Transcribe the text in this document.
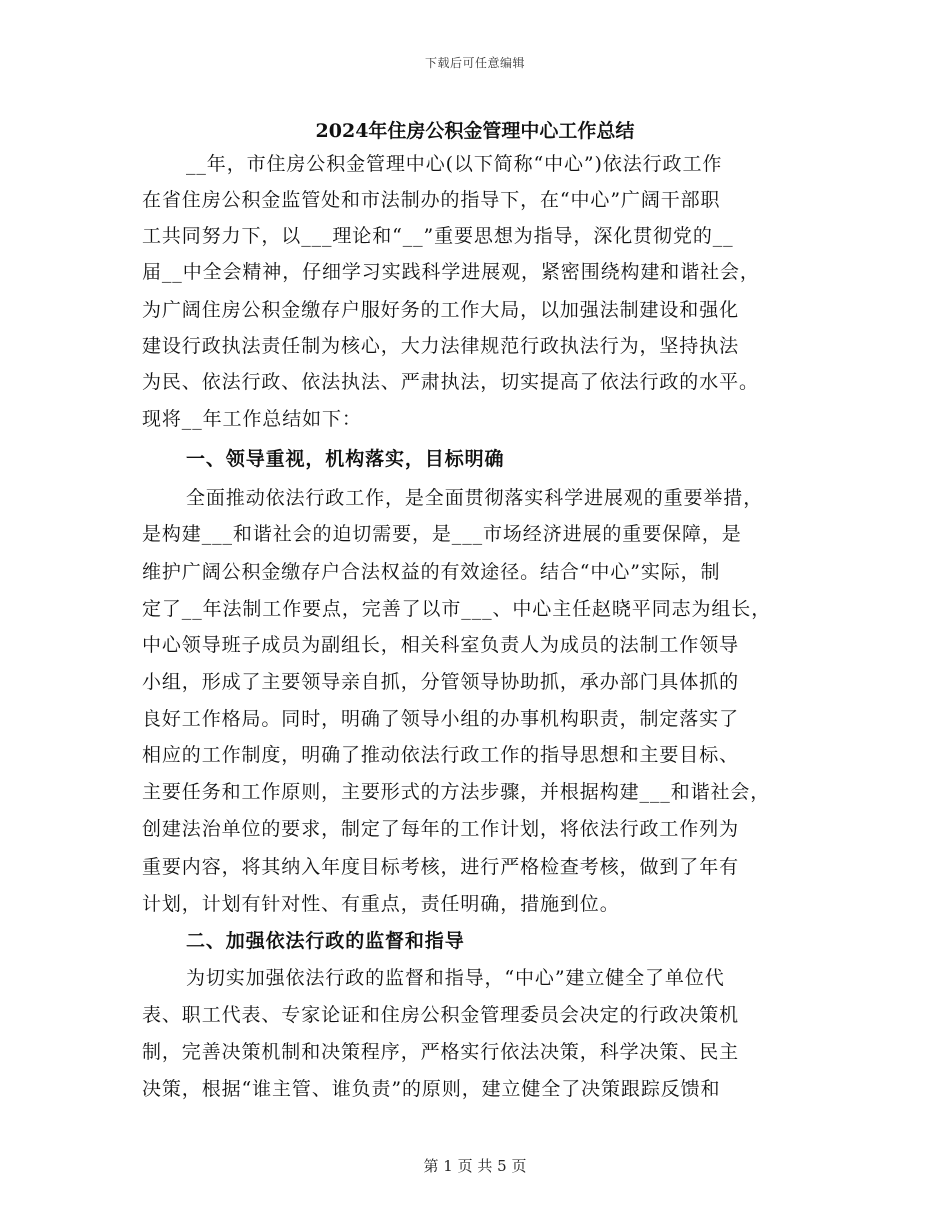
下载后可任意编辑
2024年住房公积金管理中心工作总结
__年，市住房公积金管理中心(以下简称“中心”)依法行政工作
在省住房公积金监管处和市法制办的指导下，在“中心”广阔干部职
工共同努力下，以___理论和“__”重要思想为指导，深化贯彻党的__
届__中全会精神，仔细学习实践科学进展观，紧密围绕构建和谐社会，
为广阔住房公积金缴存户服好务的工作大局，以加强法制建设和强化
建设行政执法责任制为核心，大力法律规范行政执法行为，坚持执法
为民、依法行政、依法执法、严肃执法，切实提高了依法行政的水平。
现将__年工作总结如下：
一、领导重视，机构落实，目标明确
全面推动依法行政工作，是全面贯彻落实科学进展观的重要举措，
是构建___和谐社会的迫切需要，是___市场经济进展的重要保障，是
维护广阔公积金缴存户合法权益的有效途径。结合“中心”实际，制
定了__年法制工作要点，完善了以市___、中心主任赵晓平同志为组长，
中心领导班子成员为副组长，相关科室负责人为成员的法制工作领导
小组，形成了主要领导亲自抓，分管领导协助抓，承办部门具体抓的
良好工作格局。同时，明确了领导小组的办事机构职责，制定落实了
相应的工作制度，明确了推动依法行政工作的指导思想和主要目标、
主要任务和工作原则，主要形式的方法步骤，并根据构建___和谐社会，
创建法治单位的要求，制定了每年的工作计划，将依法行政工作列为
重要内容，将其纳入年度目标考核，进行严格检查考核，做到了年有
计划，计划有针对性、有重点，责任明确，措施到位。
二、加强依法行政的监督和指导
为切实加强依法行政的监督和指导，“中心”建立健全了单位代
表、职工代表、专家论证和住房公积金管理委员会决定的行政决策机
制，完善决策机制和决策程序，严格实行依法决策，科学决策、民主
决策，根据“谁主管、谁负责”的原则，建立健全了决策跟踪反馈和
第 1 页 共 5 页
